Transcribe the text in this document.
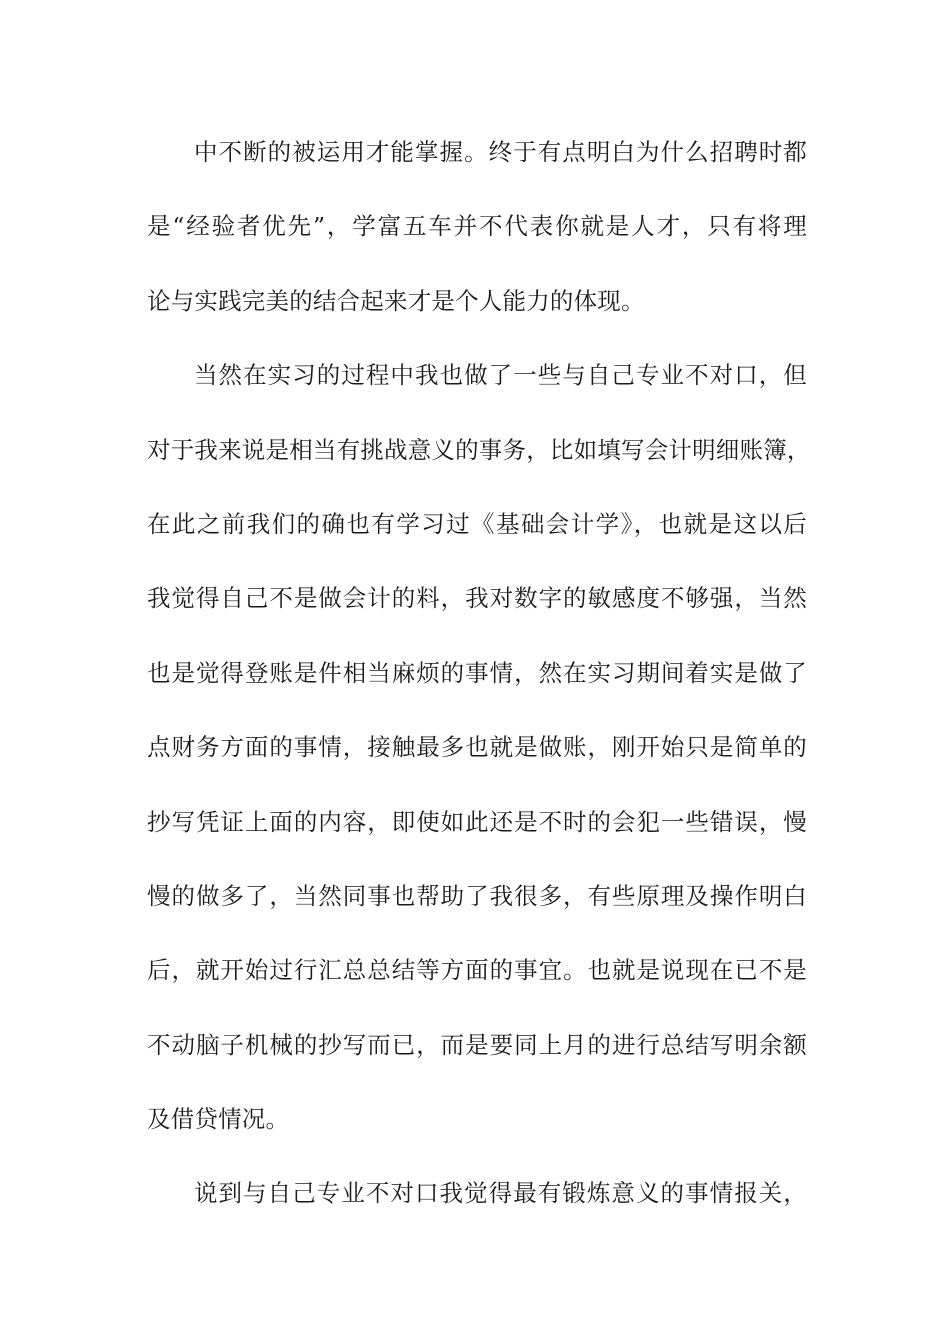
中不断的被运用才能掌握。终于有点明白为什么招聘时都
是“经验者优先”，学富五车并不代表你就是人才，只有将理
论与实践完美的结合起来才是个人能力的体现。
当然在实习的过程中我也做了一些与自己专业不对口，但
对于我来说是相当有挑战意义的事务，比如填写会计明细账簿，
在此之前我们的确也有学习过《基础会计学》，也就是这以后
我觉得自己不是做会计的料，我对数字的敏感度不够强，当然
也是觉得登账是件相当麻烦的事情，然在实习期间着实是做了
点财务方面的事情，接触最多也就是做账，刚开始只是简单的
抄写凭证上面的内容，即使如此还是不时的会犯一些错误，慢
慢的做多了，当然同事也帮助了我很多，有些原理及操作明白
后，就开始过行汇总总结等方面的事宜。也就是说现在已不是
不动脑子机械的抄写而已，而是要同上月的进行总结写明余额
及借贷情况。
说到与自己专业不对口我觉得最有锻炼意义的事情报关，
